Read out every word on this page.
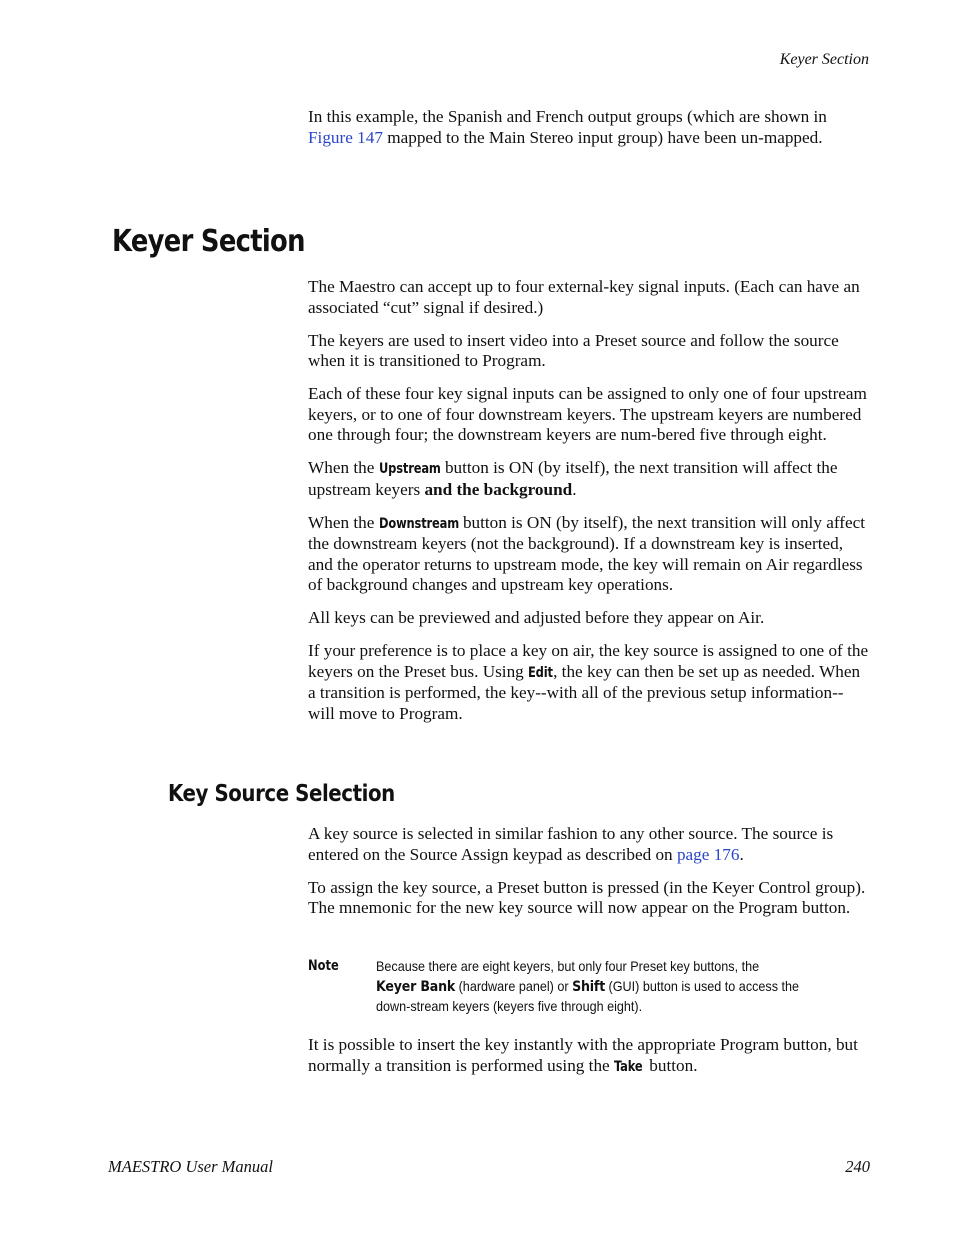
Keyer Section

In this example, the Spanish and French output groups (which are shown in Figure 147 mapped to the Main Stereo input group) have been un-mapped.

Keyer Section

The Maestro can accept up to four external-key signal inputs. (Each can have an associated “cut” signal if desired.)

The keyers are used to insert video into a Preset source and follow the source when it is transitioned to Program.

Each of these four key signal inputs can be assigned to only one of four upstream keyers, or to one of four downstream keyers. The upstream keyers are numbered one through four; the downstream keyers are num-bered five through eight.

When the Upstream button is ON (by itself), the next transition will affect the upstream keyers and the background.

When the Downstream button is ON (by itself), the next transition will only affect the downstream keyers (not the background). If a downstream key is inserted, and the operator returns to upstream mode, the key will remain on Air regardless of background changes and upstream key operations.

All keys can be previewed and adjusted before they appear on Air.

If your preference is to place a key on air, the key source is assigned to one of the keyers on the Preset bus. Using Edit, the key can then be set up as needed. When a transition is performed, the key--with all of the previous setup information--will move to Program.

Key Source Selection

A key source is selected in similar fashion to any other source. The source is entered on the Source Assign keypad as described on page 176.

To assign the key source, a Preset button is pressed (in the Keyer Control group). The mnemonic for the new key source will now appear on the Program button.

Note	Because there are eight keyers, but only four Preset key buttons, the Keyer Bank (hardware panel) or Shift (GUI) button is used to access the down-stream keyers (keyers five through eight).

It is possible to insert the key instantly with the appropriate Program button, but normally a transition is performed using the Take button.

MAESTRO User Manual	240
